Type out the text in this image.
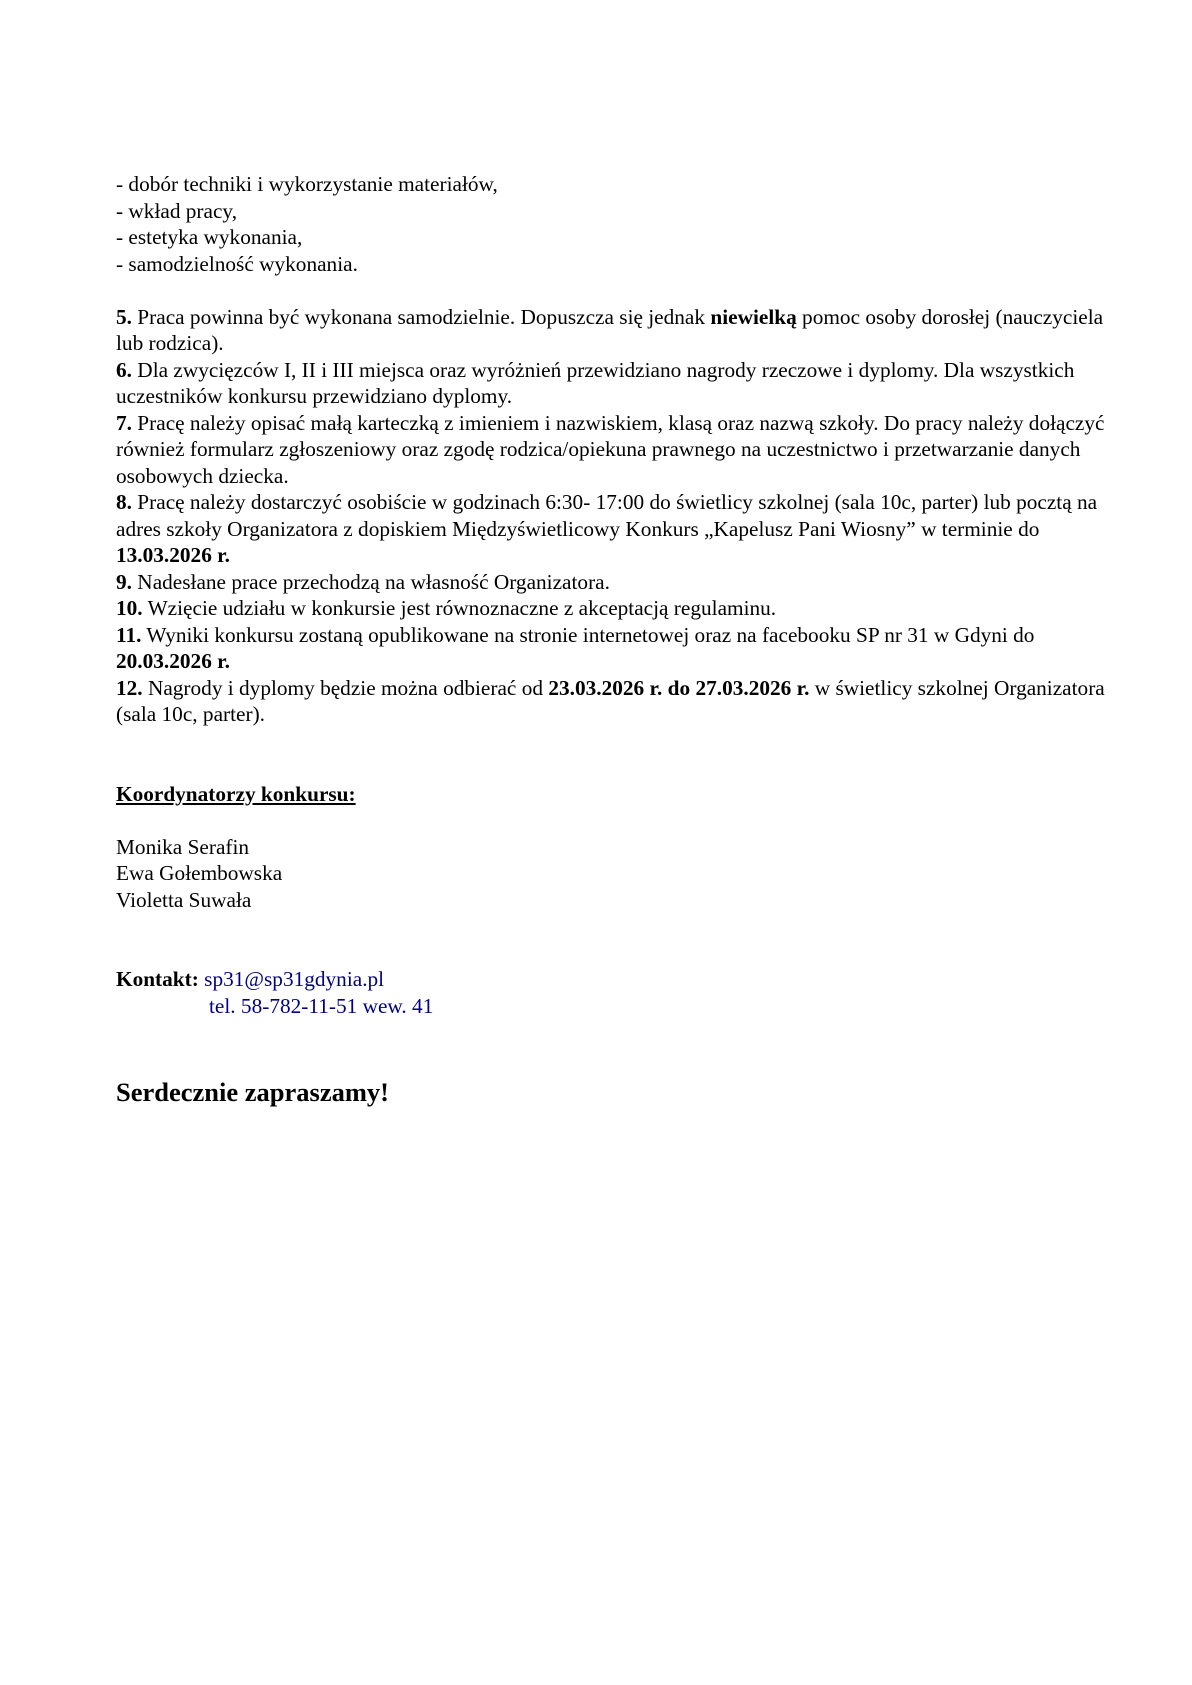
- dobór techniki i wykorzystanie materiałów,
- wkład pracy,
- estetyka wykonania,
- samodzielność wykonania.
5. Praca powinna być wykonana samodzielnie. Dopuszcza się jednak niewielką pomoc osoby dorosłej (nauczyciela lub rodzica).
6. Dla zwycięzców I, II i III miejsca oraz wyróżnień przewidziano nagrody rzeczowe i dyplomy. Dla wszystkich uczestników konkursu przewidziano dyplomy.
7. Pracę należy opisać małą karteczką z imieniem i nazwiskiem, klasą oraz nazwą szkoły. Do pracy należy dołączyć również formularz zgłoszeniowy oraz zgodę rodzica/opiekuna prawnego na uczestnictwo i przetwarzanie danych osobowych dziecka.
8. Pracę należy dostarczyć osobiście w godzinach 6:30- 17:00 do świetlicy szkolnej (sala 10c, parter) lub pocztą na adres szkoły Organizatora z dopiskiem Międzyświetlicowy Konkurs „Kapelusz Pani Wiosny” w terminie do 13.03.2026 r.
9. Nadesłane prace przechodzą na własność Organizatora.
10. Wzięcie udziału w konkursie jest równoznaczne z akceptacją regulaminu.
11. Wyniki konkursu zostaną opublikowane na stronie internetowej oraz na facebooku SP nr 31 w Gdyni do 20.03.2026 r.
12. Nagrody i dyplomy będzie można odbierać od 23.03.2026 r. do 27.03.2026 r. w świetlicy szkolnej Organizatora (sala 10c, parter).
Koordynatorzy konkursu:
Monika Serafin
Ewa Gołembowska
Violetta Suwała
Kontakt: sp31@sp31gdynia.pl
tel. 58-782-11-51 wew. 41
Serdecznie zapraszamy!
